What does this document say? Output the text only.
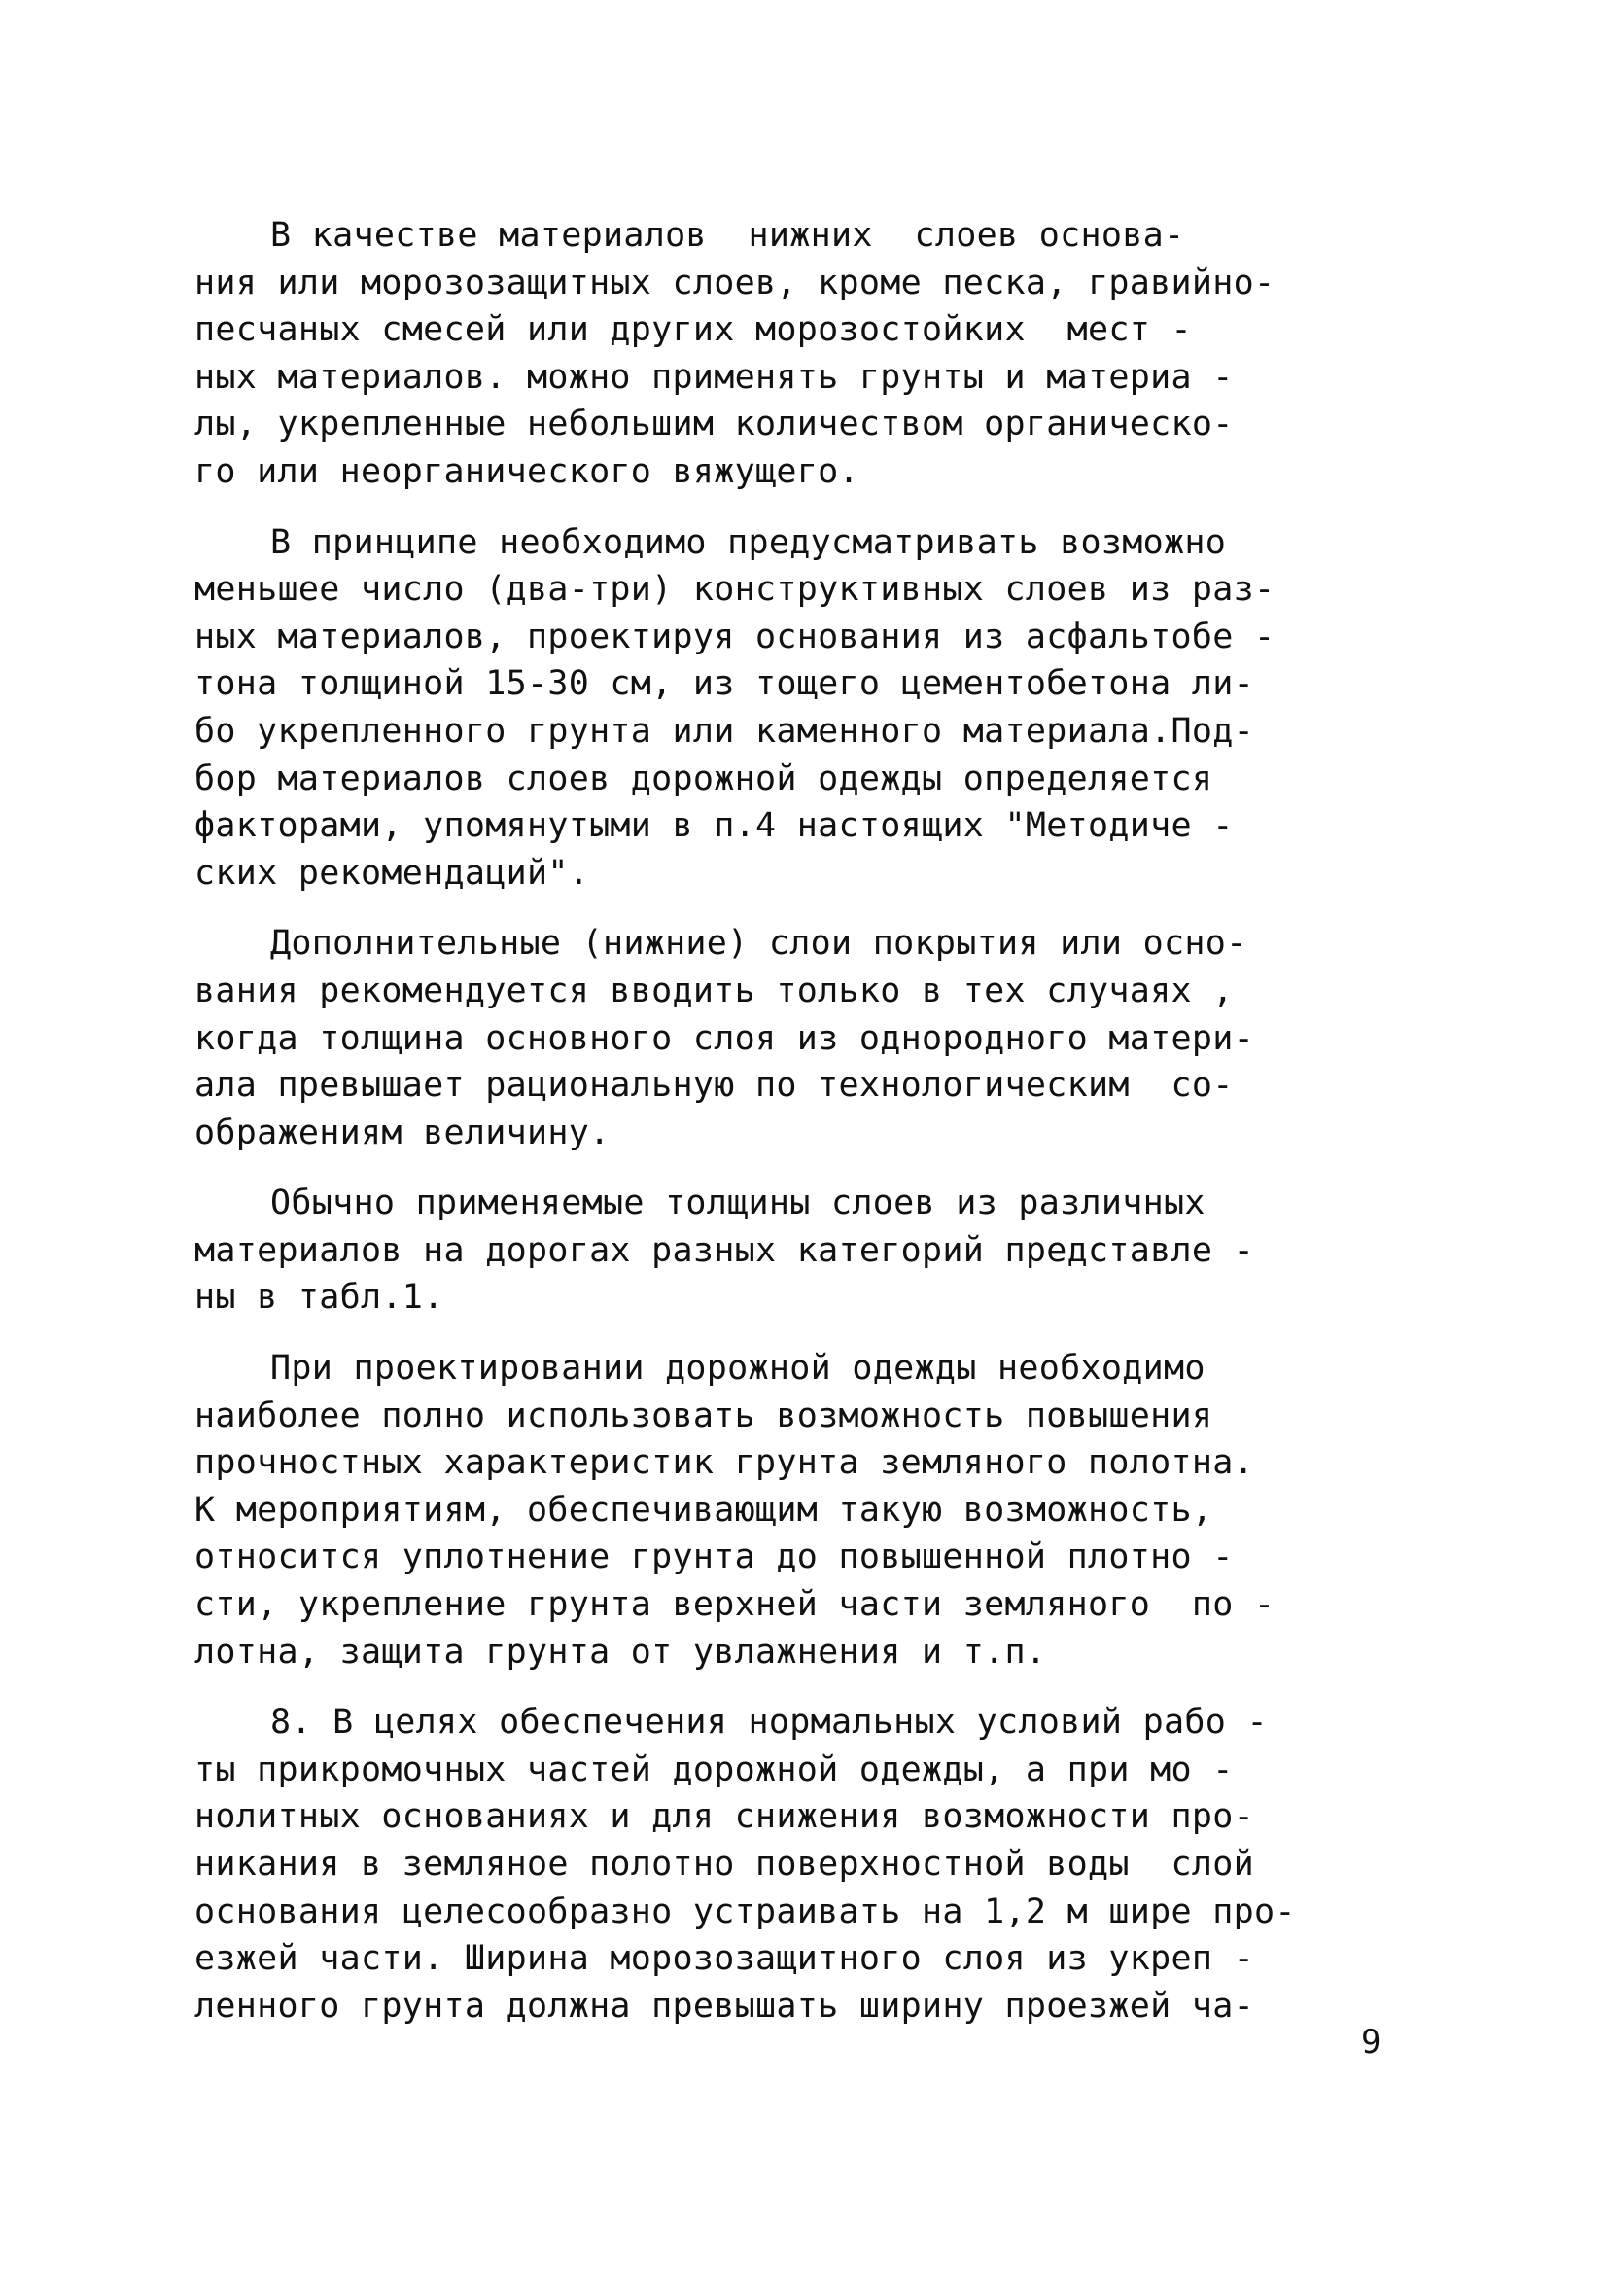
В качестве материалов  нижних  слоев основа-
ния или морозозащитных слоев, кроме песка, гравийно-
песчаных смесей или других морозостойких  мест -
ных материалов. можно применять грунты и материа -
лы, укрепленные небольшим количеством органическо-
го или неорганического вяжущего.

В принципе необходимо предусматривать возможно
меньшее число (два-три) конструктивных слоев из раз-
ных материалов, проектируя основания из асфальтобе -
тона толщиной 15-30 см, из тощего цементобетона ли-
бо укрепленного грунта или каменного материала.Под-
бор материалов слоев дорожной одежды определяется
факторами, упомянутыми в п.4 настоящих "Методиче -
ских рекомендаций".

Дополнительные (нижние) слои покрытия или осно-
вания рекомендуется вводить только в тех случаях ,
когда толщина основного слоя из однородного матери-
ала превышает рациональную по технологическим  со-
ображениям величину.

Обычно применяемые толщины слоев из различных
материалов на дорогах разных категорий представле -
ны в табл.1.

При проектировании дорожной одежды необходимо
наиболее полно использовать возможность повышения
прочностных характеристик грунта земляного полотна.
К мероприятиям, обеспечивающим такую возможность,
относится уплотнение грунта до повышенной плотно -
сти, укрепление грунта верхней части земляного  по -
лотна, защита грунта от увлажнения и т.п.

8. В целях обеспечения нормальных условий рабо -
ты прикромочных частей дорожной одежды, а при мо -
нолитных основаниях и для снижения возможности про-
никания в земляное полотно поверхностной воды  слой
основания целесообразно устраивать на 1,2 м шире про-
езжей части. Ширина морозозащитного слоя из укреп -
ленного грунта должна превышать ширину проезжей ча-

9
